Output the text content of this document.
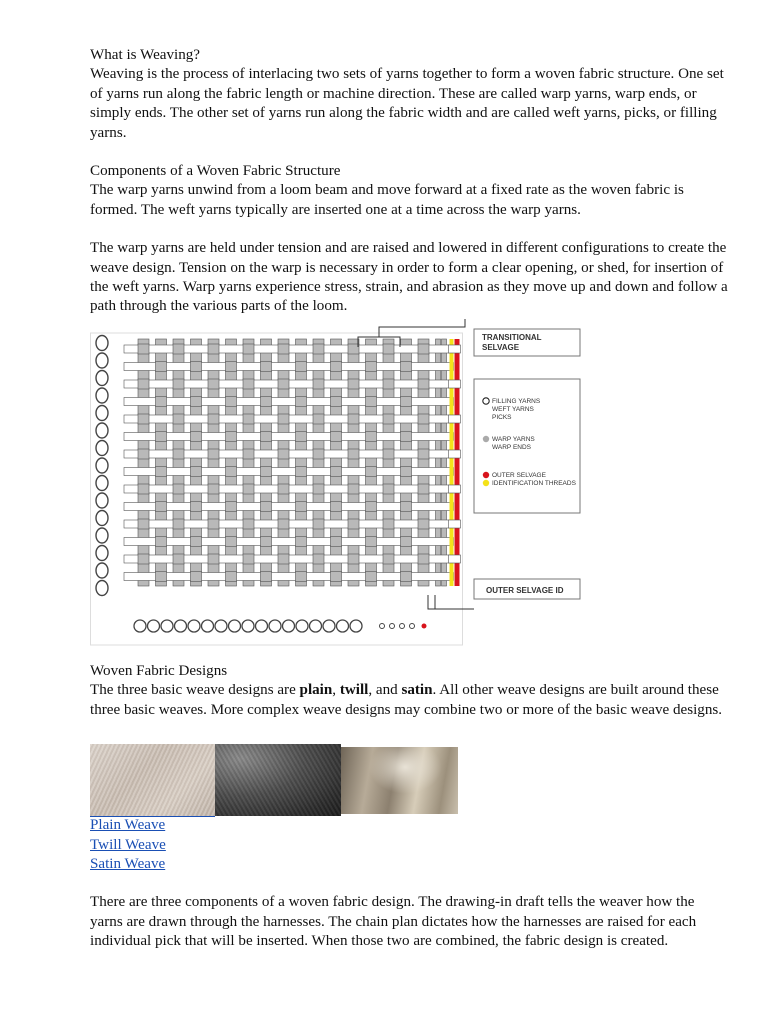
What is Weaving?

Weaving is the process of interlacing two sets of yarns together to form a woven fabric structure. One set of yarns run along the fabric length or machine direction. These are called warp yarns, warp ends, or simply ends. The other set of yarns run along the fabric width and are called weft yarns, picks, or filling yarns.

Components of a Woven Fabric Structure

The warp yarns unwind from a loom beam and move forward at a fixed rate as the woven fabric is formed. The weft yarns typically are inserted one at a time across the warp yarns.

The warp yarns are held under tension and are raised and lowered in different configurations to create the weave design. Tension on the warp is necessary in order to form a clear opening, or shed, for insertion of the weft yarns. Warp yarns experience stress, strain, and abrasion as they move up and down and follow a path through the various parts of the loom.

TRANSITIONAL
SELVAGE
FILLING YARNS
WEFT YARNS
PICKS
WARP YARNS
WARP ENDS
OUTER SELVAGE
IDENTIFICATION THREADS
OUTER SELVAGE ID

Woven Fabric Designs

The three basic weave designs are plain, twill, and satin. All other weave designs are built around these three basic weaves. More complex weave designs may combine two or more of the basic weave designs.

Plain Weave

Twill Weave

Satin Weave

There are three components of a woven fabric design. The drawing-in draft tells the weaver how the yarns are drawn through the harnesses. The chain plan dictates how the harnesses are raised for each individual pick that will be inserted. When those two are combined, the fabric design is created.
